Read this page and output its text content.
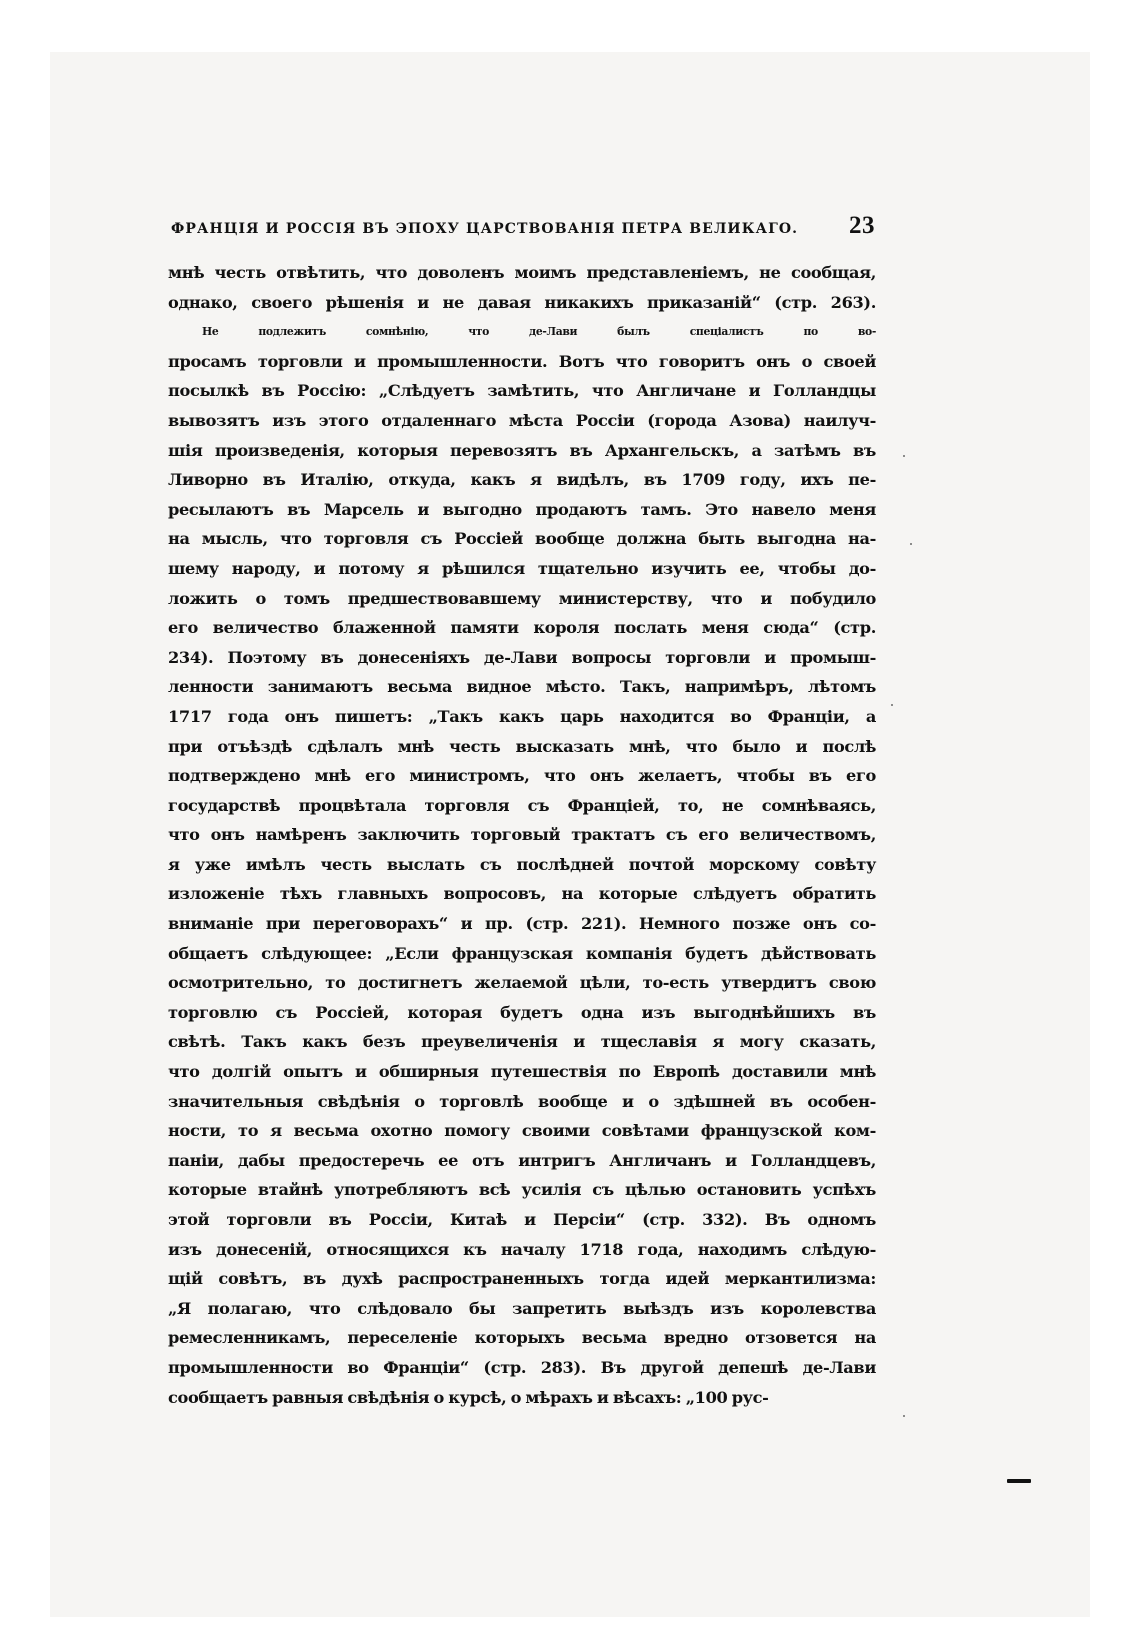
ФРАНЦІЯ И РОССІЯ ВЪ ЭПОХУ ЦАРСТВОВАНІЯ ПЕТРА ВЕЛИКАГО. 23
мнѣ честь отвѣтить, что доволенъ моимъ представленіемъ, не сообщая,
однако, своего рѣшенія и не давая никакихъ приказаній“ (стр. 263).
Не подлежитъ сомнѣнію, что де-Лави былъ спеціалистъ по во-
просамъ торговли и промышленности. Вотъ что говоритъ онъ о своей
посылкѣ въ Россію: „Слѣдуетъ замѣтить, что Англичане и Голландцы
вывозятъ изъ этого отдаленнаго мѣста Россіи (города Азова) наилуч-
шія произведенія, которыя перевозятъ въ Архангельскъ, а затѣмъ въ
Ливорно въ Италію, откуда, какъ я видѣлъ, въ 1709 году, ихъ пе-
ресылаютъ въ Марсель и выгодно продаютъ тамъ. Это навело меня
на мысль, что торговля съ Россіей вообще должна быть выгодна на-
шему народу, и потому я рѣшился тщательно изучить ее, чтобы до-
ложить о томъ предшествовавшему министерству, что и побудило
его величество блаженной памяти короля послать меня сюда“ (стр.
234). Поэтому въ донесеніяхъ де-Лави вопросы торговли и промыш-
ленности занимаютъ весьма видное мѣсто. Такъ, напримѣръ, лѣтомъ
1717 года онъ пишетъ: „Такъ какъ царь находится во Франціи, а
при отъѣздѣ сдѣлалъ мнѣ честь высказать мнѣ, что было и послѣ
подтверждено мнѣ его министромъ, что онъ желаетъ, чтобы въ его
государствѣ процвѣтала торговля съ Франціей, то, не сомнѣваясь,
что онъ намѣренъ заключить торговый трактатъ съ его величествомъ,
я уже имѣлъ честь выслать съ послѣдней почтой морскому совѣту
изложеніе тѣхъ главныхъ вопросовъ, на которые слѣдуетъ обратить
вниманіе при переговорахъ“ и пр. (стр. 221). Немного позже онъ со-
общаетъ слѣдующее: „Если французская компанія будетъ дѣйствовать
осмотрительно, то достигнетъ желаемой цѣли, то-есть утвердитъ свою
торговлю съ Россіей, которая будетъ одна изъ выгоднѣйшихъ въ
свѣтѣ. Такъ какъ безъ преувеличенія и тщеславія я могу сказать,
что долгій опытъ и обширныя путешествія по Европѣ доставили мнѣ
значительныя свѣдѣнія о торговлѣ вообще и о здѣшней въ особен-
ности, то я весьма охотно помогу своими совѣтами французской ком-
паніи, дабы предостеречь ее отъ интригъ Англичанъ и Голландцевъ,
которые втайнѣ употребляютъ всѣ усилія съ цѣлью остановить успѣхъ
этой торговли въ Россіи, Китаѣ и Персіи“ (стр. 332). Въ одномъ
изъ донесеній, относящихся къ началу 1718 года, находимъ слѣдую-
щій совѣтъ, въ духѣ распространенныхъ тогда идей меркантилизма:
„Я полагаю, что слѣдовало бы запретить выѣздъ изъ королевства
ремесленникамъ, переселеніе которыхъ весьма вредно отзовется на
промышленности во Франціи“ (стр. 283). Въ другой депешѣ де-Лави
сообщаетъ равныя свѣдѣнія о курсѣ, о мѣрахъ и вѣсахъ: „100 рус-
